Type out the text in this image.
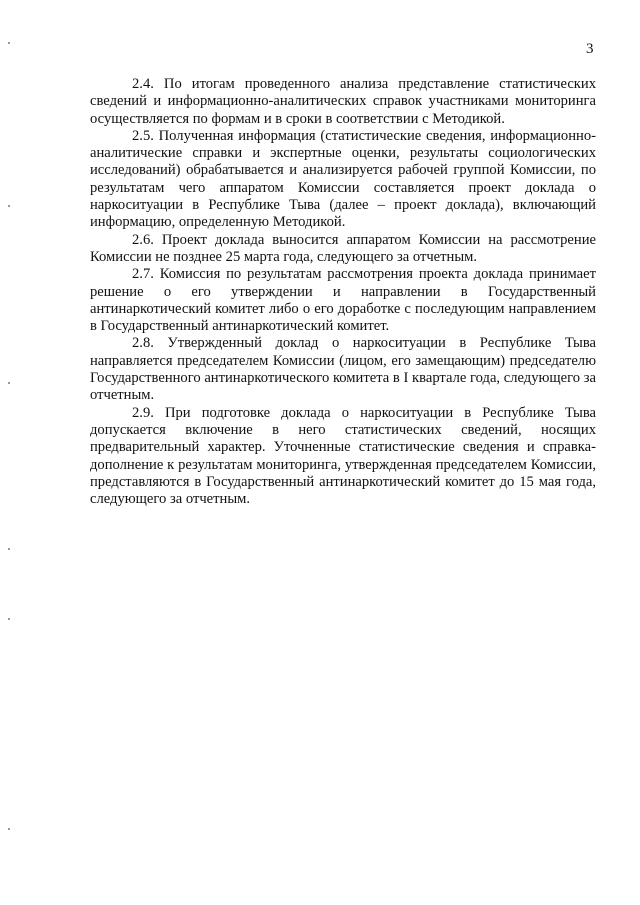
3

2.4. По итогам проведенного анализа представление статистических сведений и информационно-аналитических справок участниками мониторинга осуществляется по формам и в сроки в соответствии с Методикой.

2.5. Полученная информация (статистические сведения, информационно-аналитические справки и экспертные оценки, результаты социологических исследований) обрабатывается и анализируется рабочей группой Комиссии, по результатам чего аппаратом Комиссии составляется проект доклада о наркоситуации в Республике Тыва (далее – проект доклада), включающий информацию, определенную Методикой.

2.6. Проект доклада выносится аппаратом Комиссии на рассмотрение Комиссии не позднее 25 марта года, следующего за отчетным.

2.7. Комиссия по результатам рассмотрения проекта доклада принимает решение о его утверждении и направлении в Государственный антинаркотический комитет либо о его доработке с последующим направлением в Государственный антинаркотический комитет.

2.8. Утвержденный доклад о наркоситуации в Республике Тыва направляется председателем Комиссии (лицом, его замещающим) председателю Государственного антинаркотического комитета в I квартале года, следующего за отчетным.

2.9. При подготовке доклада о наркоситуации в Республике Тыва допускается включение в него статистических сведений, носящих предварительный характер. Уточненные статистические сведения и справка-дополнение к результатам мониторинга, утвержденная председателем Комиссии, представляются в Государственный антинаркотический комитет до 15 мая года, следующего за отчетным.
